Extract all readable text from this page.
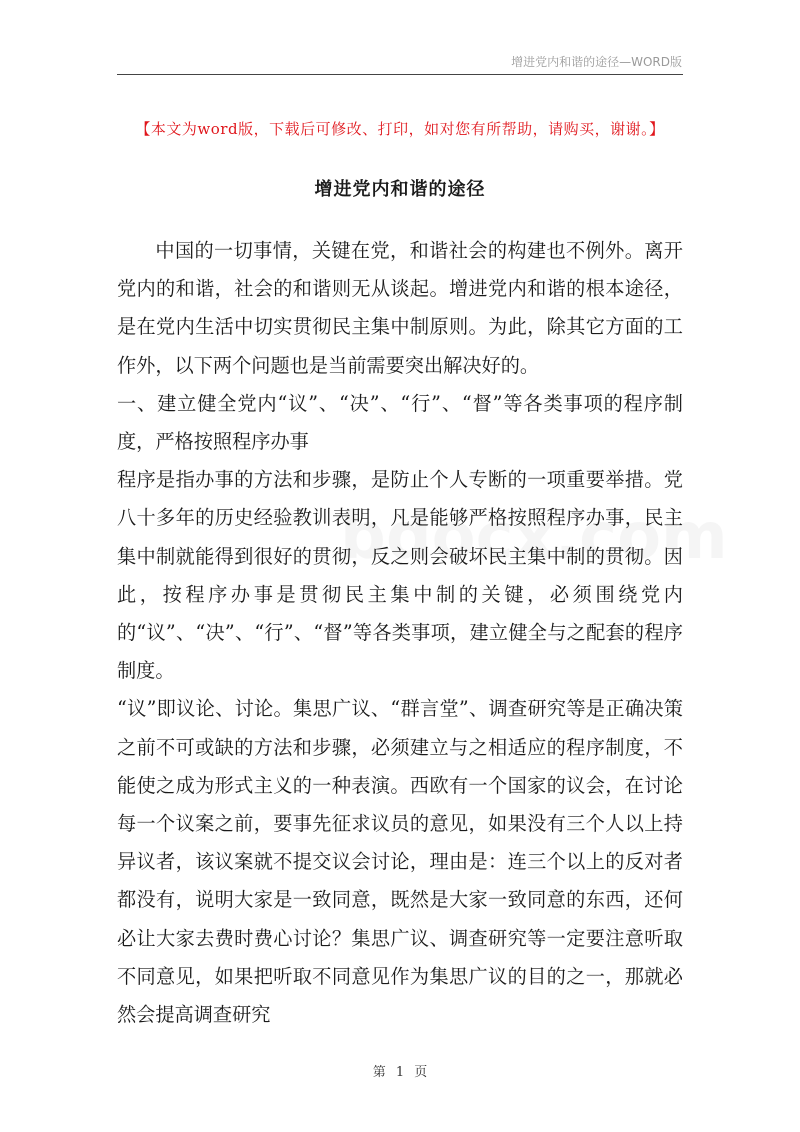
增进党内和谐的途径—WORD版
【本文为word版，下载后可修改、打印，如对您有所帮助，请购买，谢谢。】
增进党内和谐的途径

中国的一切事情，关键在党，和谐社会的构建也不例外。离开党内的和谐，社会的和谐则无从谈起。增进党内和谐的根本途径，是在党内生活中切实贯彻民主集中制原则。为此，除其它方面的工作外，以下两个问题也是当前需要突出解决好的。

一、建立健全党内“议”、“决”、“行”、“督”等各类事项的程序制度，严格按照程序办事

程序是指办事的方法和步骤，是防止个人专断的一项重要举措。党八十多年的历史经验教训表明，凡是能够严格按照程序办事，民主集中制就能得到很好的贯彻，反之则会破坏民主集中制的贯彻。因此，按程序办事是贯彻民主集中制的关键，必须围绕党内的“议”、“决”、“行”、“督”等各类事项，建立健全与之配套的程序制度。

“议”即议论、讨论。集思广议、“群言堂”、调查研究等是正确决策之前不可或缺的方法和步骤，必须建立与之相适应的程序制度，不能使之成为形式主义的一种表演。西欧有一个国家的议会，在讨论每一个议案之前，要事先征求议员的意见，如果没有三个人以上持异议者，该议案就不提交议会讨论，理由是：连三个以上的反对者都没有，说明大家是一致同意，既然是大家一致同意的东西，还何必让大家去费时费心讨论？集思广议、调查研究等一定要注意听取不同意见，如果把听取不同意见作为集思广议的目的之一，那就必然会提高调查研究

第 1 页
